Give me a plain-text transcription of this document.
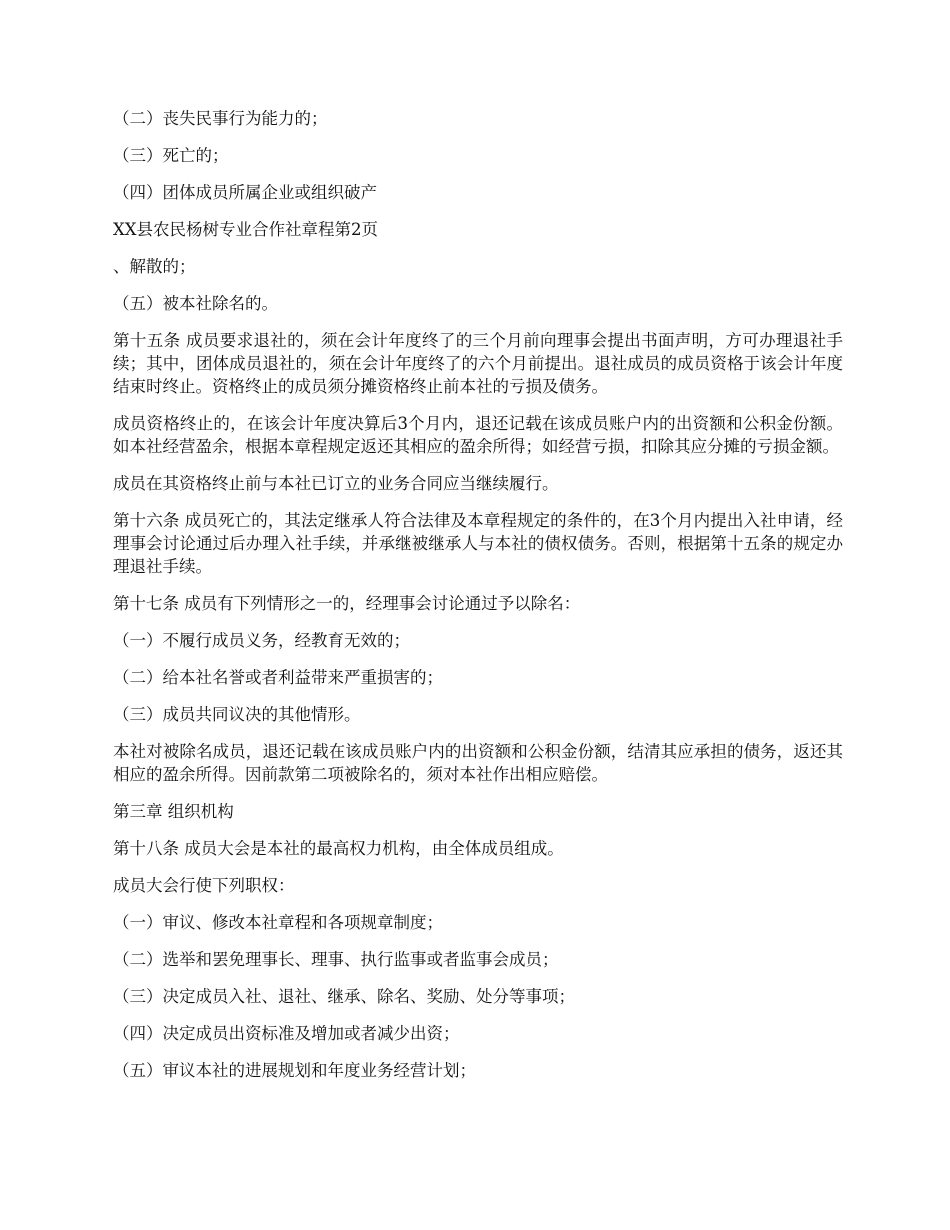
（二）丧失民事行为能力的；

（三）死亡的；

（四）团体成员所属企业或组织破产

XX县农民杨树专业合作社章程第2页

、解散的；

（五）被本社除名的。

第十五条 成员要求退社的，须在会计年度终了的三个月前向理事会提出书面声明，方可办理退社手续；其中，团体成员退社的，须在会计年度终了的六个月前提出。退社成员的成员资格于该会计年度结束时终止。资格终止的成员须分摊资格终止前本社的亏损及债务。

成员资格终止的，在该会计年度决算后3个月内，退还记载在该成员账户内的出资额和公积金份额。如本社经营盈余，根据本章程规定返还其相应的盈余所得；如经营亏损，扣除其应分摊的亏损金额。

成员在其资格终止前与本社已订立的业务合同应当继续履行。

第十六条 成员死亡的，其法定继承人符合法律及本章程规定的条件的，在3个月内提出入社申请，经理事会讨论通过后办理入社手续，并承继被继承人与本社的债权债务。否则，根据第十五条的规定办理退社手续。

第十七条 成员有下列情形之一的，经理事会讨论通过予以除名：

（一）不履行成员义务，经教育无效的；

（二）给本社名誉或者利益带来严重损害的；

（三）成员共同议决的其他情形。

本社对被除名成员，退还记载在该成员账户内的出资额和公积金份额，结清其应承担的债务，返还其相应的盈余所得。因前款第二项被除名的，须对本社作出相应赔偿。

第三章 组织机构

第十八条 成员大会是本社的最高权力机构，由全体成员组成。

成员大会行使下列职权：

（一）审议、修改本社章程和各项规章制度；

（二）选举和罢免理事长、理事、执行监事或者监事会成员；

（三）决定成员入社、退社、继承、除名、奖励、处分等事项；

（四）决定成员出资标准及增加或者减少出资；

（五）审议本社的进展规划和年度业务经营计划；
